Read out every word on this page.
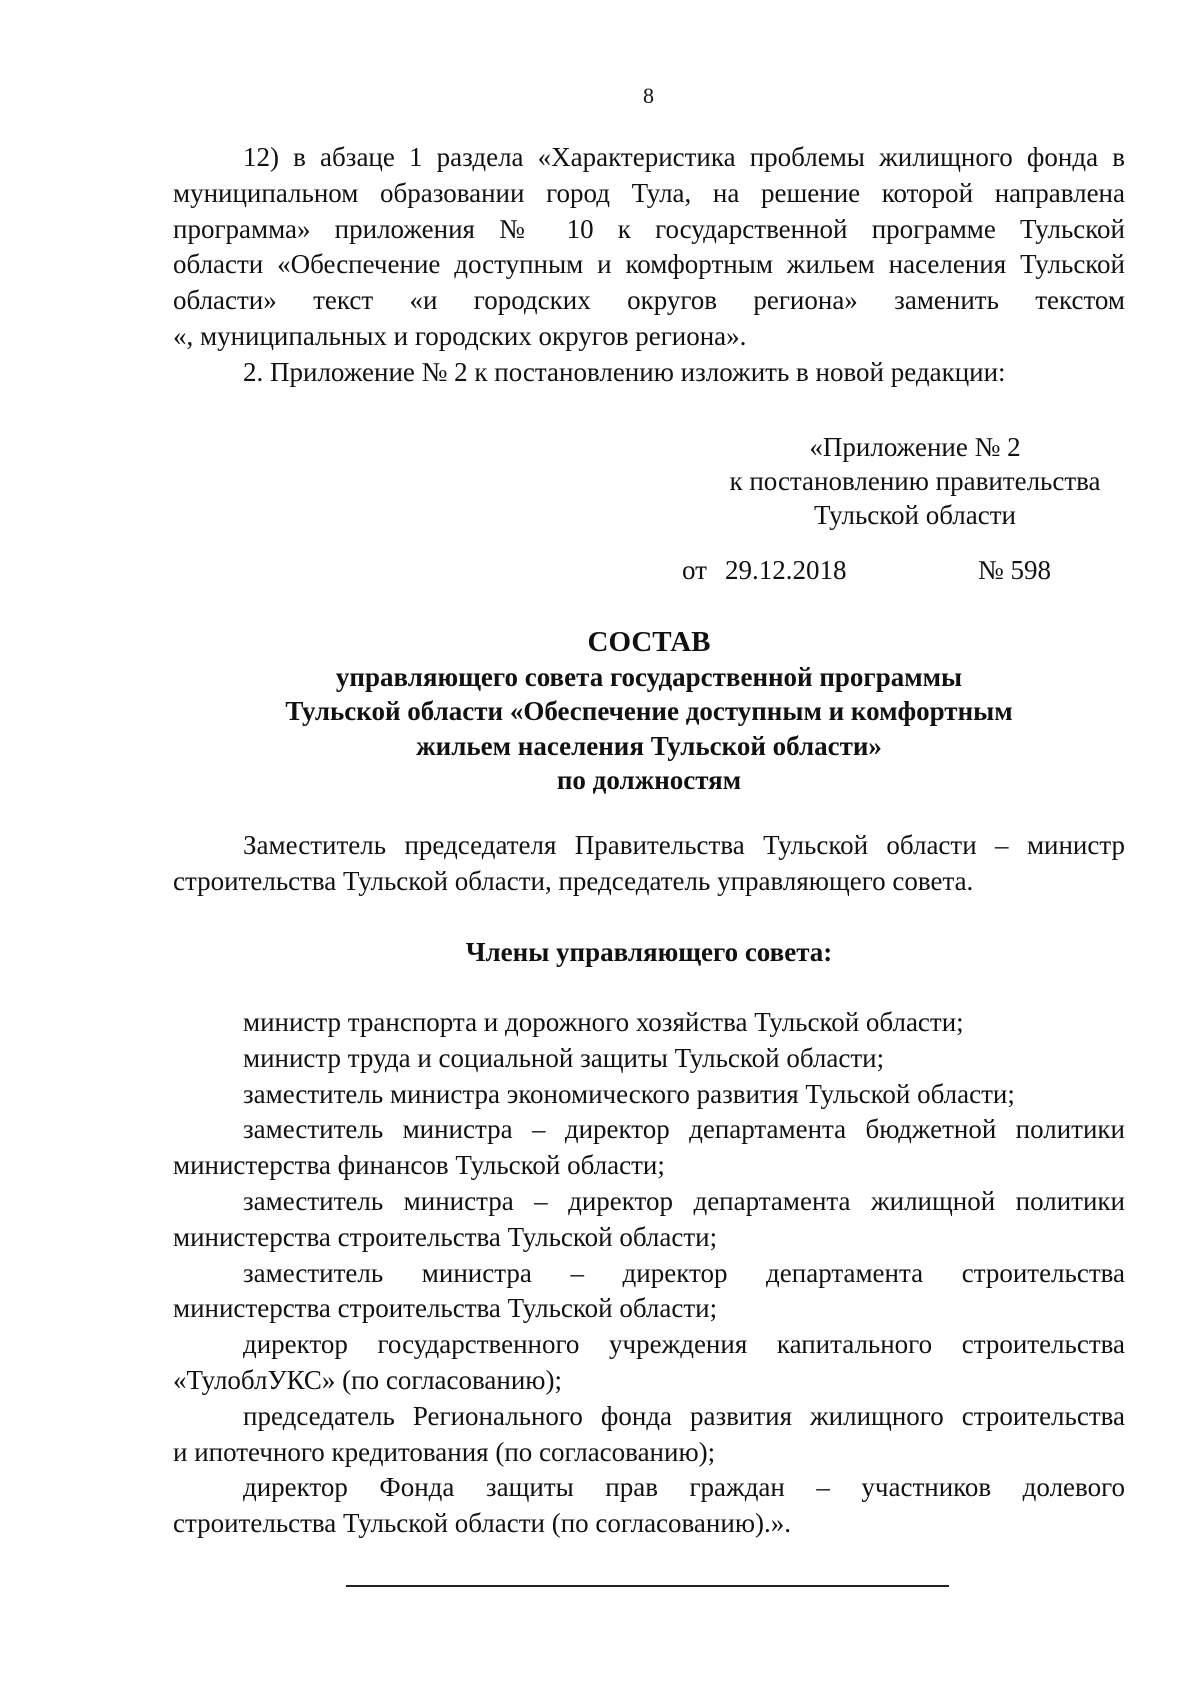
8
12) в абзаце 1 раздела «Характеристика проблемы жилищного фонда в
муниципальном образовании город Тула, на решение которой направлена
программа» приложения № 10 к государственной программе Тульской
области «Обеспечение доступным и комфортным жильем населения Тульской
области» текст «и городских округов региона» заменить текстом
«, муниципальных и городских округов региона».
2. Приложение № 2 к постановлению изложить в новой редакции:
«Приложение № 2
к постановлению правительства
Тульской области
от 29.12.2018	№ 598
СОСТАВ
управляющего совета государственной программы
Тульской области «Обеспечение доступным и комфортным
жильем населения Тульской области»
по должностям
Заместитель председателя Правительства Тульской области – министр
строительства Тульской области, председатель управляющего совета.
Члены управляющего совета:
министр транспорта и дорожного хозяйства Тульской области;
министр труда и социальной защиты Тульской области;
заместитель министра экономического развития Тульской области;
заместитель министра – директор департамента бюджетной политики
министерства финансов Тульской области;
заместитель министра – директор департамента жилищной политики
министерства строительства Тульской области;
заместитель министра – директор департамента строительства
министерства строительства Тульской области;
директор государственного учреждения капитального строительства
«ТулоблУКС» (по согласованию);
председатель Регионального фонда развития жилищного строительства
и ипотечного кредитования (по согласованию);
директор Фонда защиты прав граждан – участников долевого
строительства Тульской области (по согласованию).».
